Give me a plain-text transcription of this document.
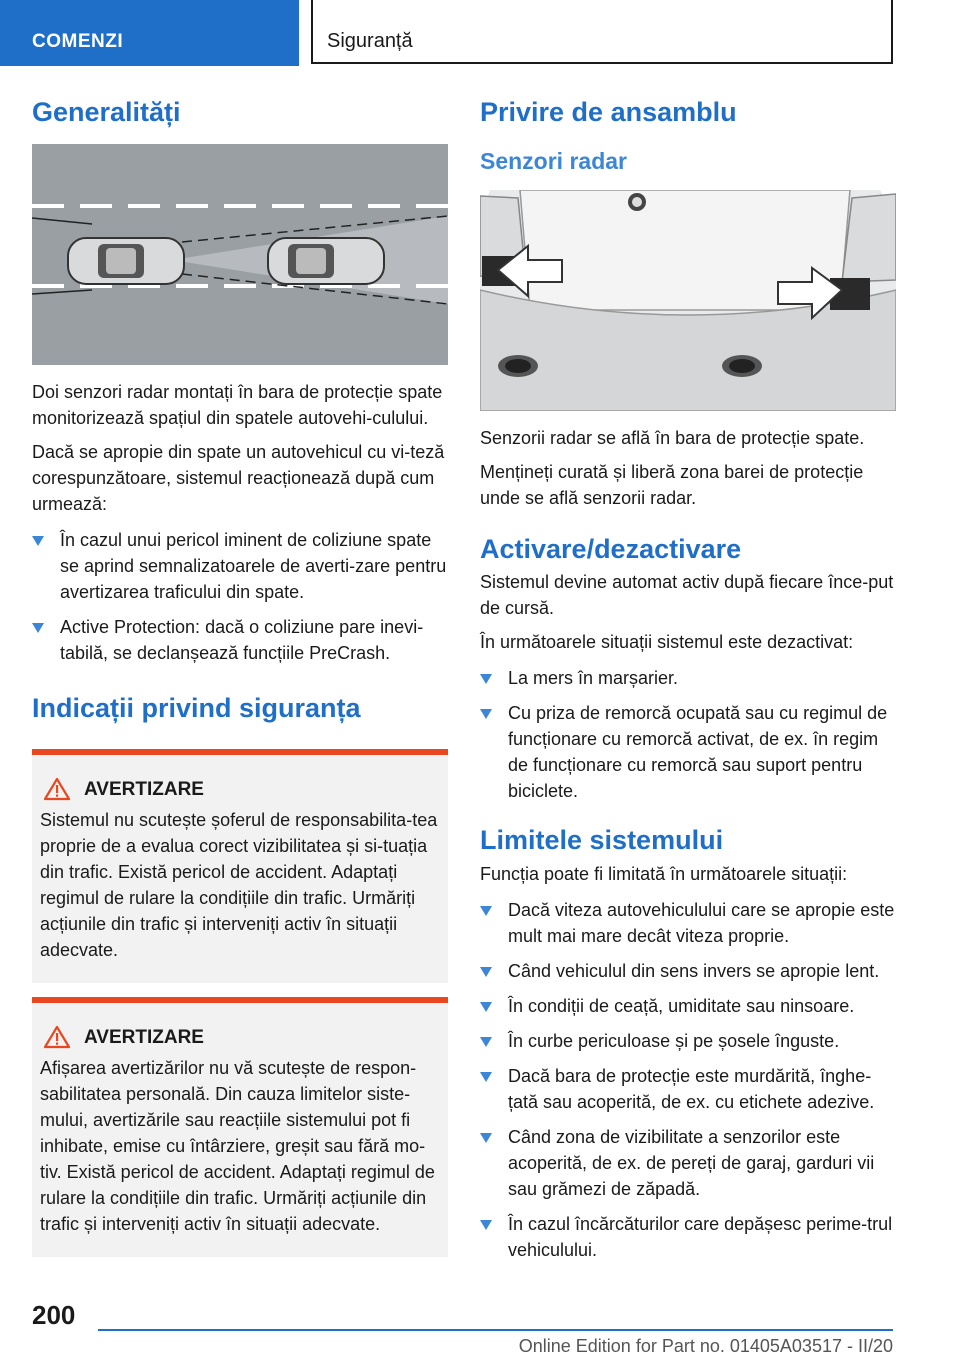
COMENZI	Siguranță
Generalități

Doi senzori radar montați în bara de protecție spate monitorizează spațiul din spatele autovehi-culului.

Dacă se apropie din spate un autovehicul cu vi-teză corespunzătoare, sistemul reacționează după cum urmează:

În cazul unui pericol iminent de coliziune spate se aprind semnalizatoarele de averti-zare pentru avertizarea traficului din spate.
Active Protection: dacă o coliziune pare inevi-tabilă, se declanșează funcțiile PreCrash.
Indicații privind siguranța
AVERTIZARE

Sistemul nu scutește șoferul de responsabilita-tea proprie de a evalua corect vizibilitatea și si-tuația din trafic. Există pericol de accident. Adaptați regimul de rulare la condițiile din trafic. Urmăriți acțiunile din trafic și interveniți activ în situații adecvate.

AVERTIZARE

Afișarea avertizărilor nu vă scutește de respon-sabilitatea personală. Din cauza limitelor siste-mului, avertizările sau reacțiile sistemului pot fi inhibate, emise cu întârziere, greșit sau fără mo-tiv. Există pericol de accident. Adaptați regimul de rulare la condițiile din trafic. Urmăriți acțiunile din trafic și interveniți activ în situații adecvate.

Privire de ansamblu
Senzori radar

Senzorii radar se află în bara de protecție spate.

Mențineți curată și liberă zona barei de protecție unde se află senzorii radar.

Activare/dezactivare

Sistemul devine automat activ după fiecare înce-put de cursă.

În următoarele situații sistemul este dezactivat:

La mers în marșarier.
Cu priza de remorcă ocupată sau cu regimul de funcționare cu remorcă activat, de ex. în regim de funcționare cu remorcă sau suport pentru biciclete.
Limitele sistemului

Funcția poate fi limitată în următoarele situații:

Dacă viteza autovehiculului care se apropie este mult mai mare decât viteza proprie.
Când vehiculul din sens invers se apropie lent.
În condiții de ceață, umiditate sau ninsoare.
În curbe periculoase și pe șosele înguste.
Dacă bara de protecție este murdărită, înghe-țată sau acoperită, de ex. cu etichete adezive.
Când zona de vizibilitate a senzorilor este acoperită, de ex. de pereți de garaj, garduri vii sau grămezi de zăpadă.
În cazul încărcăturilor care depășesc perime-trul vehiculului.
200
Online Edition for Part no. 01405A03517 - II/20
